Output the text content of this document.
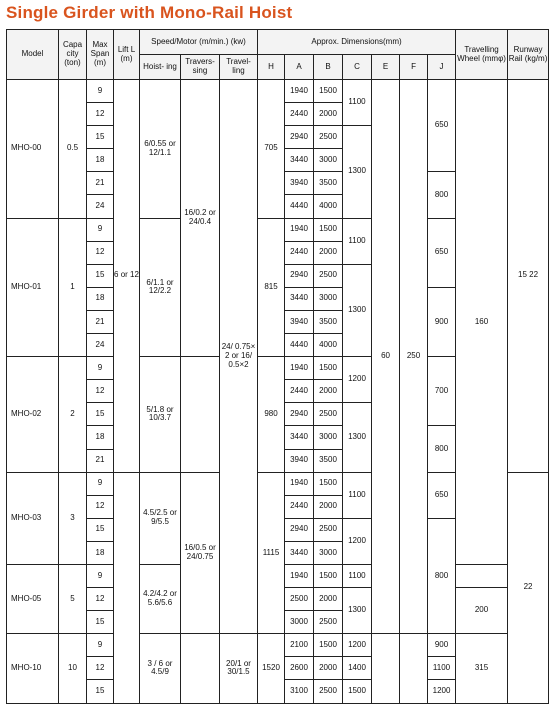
Single Girder with Mono-Rail Hoist
Model	Capa city (ton)	Max Span (m)	Lift L (m)	Speed/Motor (m/min.) (kw)			Approx. Dimensions(mm)							Travelling Wheel (mmφ)	Runway Rail (kg/m)	
				Hoist- ing	Travers- sing	Travel- ling	H	A	B	C	E	F	J			
MHO-00	0.5	9	6 or 12	6/0.55 or 12/1.1	16/0.2 or 24/0.4	24/ 0.75× 2 or 16/ 0.5×2	705	1940	1500	1100	60	250	650	160	15 22	
		12						2440	2000							
		15						2940	2500	1300						
		18						3440	3000							
		21						3940	3500				800			
		24						4440	4000							
MHO-01	1	9		6/1.1 or 12/2.2			815	1940	1500	1100			650			
		12						2440	2000							
		15						2940	2500	1300						
		18						3440	3000				900			
		21						3940	3500							
		24						4440	4000							
MHO-02	2	9		5/1.8 or 10/3.7			980	1940	1500	1200			700			
		12						2440	2000							
		15						2940	2500	1300						
		18						3440	3000				800			
		21						3940	3500							
MHO-03	3	9		4.5/2.5 or 9/5.5	16/0.5 or 24/0.75		1115	1940	1500	1100			650		22	
		12						2440	2000							
		15						2940	2500	1200			800			
		18						3440	3000							
MHO-05	5	9		4.2/4.2 or 5.6/5.6				1940	1500	1100						
		12						2500	2000	1300				200		
		15						3000	2500							
MHO-10	10	9		3 / 6 or 4.5/9		20/1 or 30/1.5	1520	2100	1500	1200			900	315	
		12						2600	2000	1400			1100			
		15						3100	2500	1500			1200			
